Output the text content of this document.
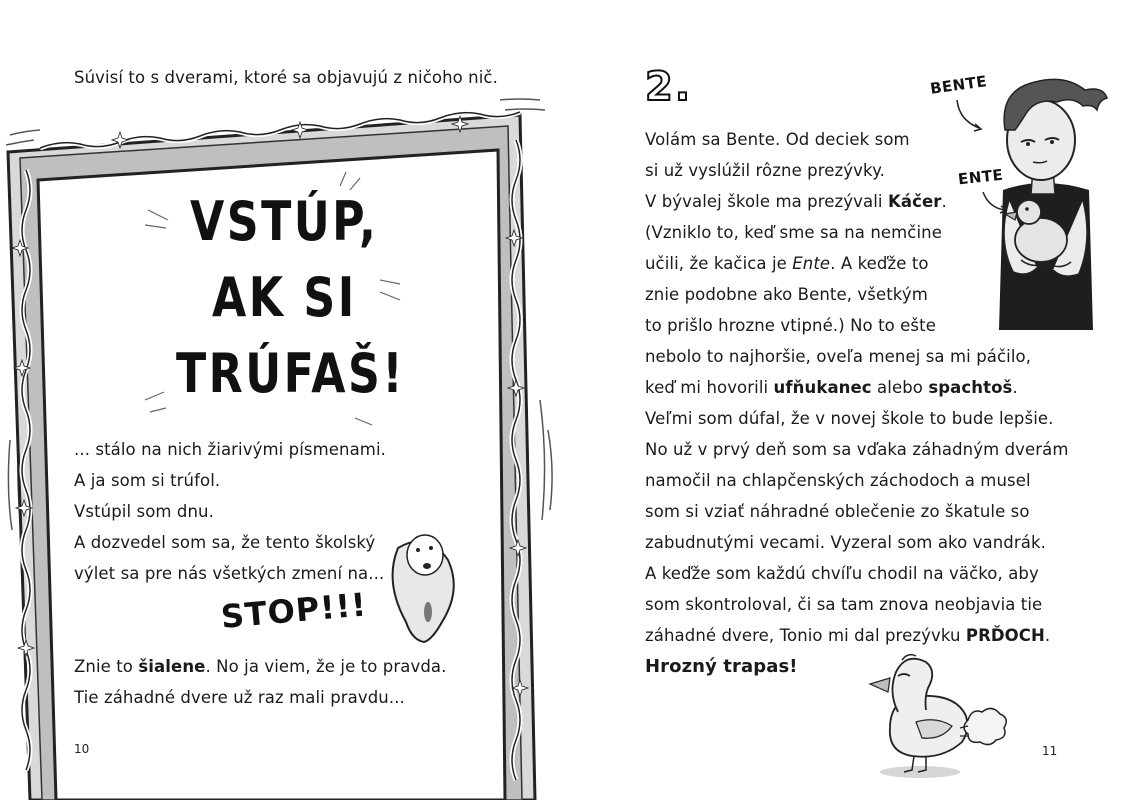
Súvisí to s dverami, ktoré sa objavujú z ničoho nič.
VSTÚP,
AK SI
TRÚFAŠ!
... stálo na nich žiarivými písmenami.
A ja som si trúfol.
Vstúpil som dnu.
A dozvedel som sa, že tento školský
výlet sa pre nás všetkých zmení na...
STOP!!!
Znie to šialene. No ja viem, že je to pravda.
Tie záhadné dvere už raz mali pravdu...
10
2.	BENTE
ENTE
Volám sa Bente. Od deciek som
si už vyslúžil rôzne prezývky.
V bývalej škole ma prezývali Káčer.
(Vzniklo to, keď sme sa na nemčine
učili, že kačica je Ente. A keďže to
znie podobne ako Bente, všetkým
to prišlo hrozne vtipné.) No to ešte
nebolo to najhoršie, oveľa menej sa mi páčilo,
keď mi hovorili ufňukanec alebo spachtoš.
Veľmi som dúfal, že v novej škole to bude lepšie.
No už v prvý deň som sa vďaka záhadným dverám
namočil na chlapčenských záchodoch a musel
som si vziať náhradné oblečenie zo škatule so
zabudnutými vecami. Vyzeral som ako vandrák.
A keďže som každú chvíľu chodil na väčko, aby
som skontroloval, či sa tam znova neobjavia tie
záhadné dvere, Tonio mi dal prezývku PRĎOCH.
Hrozný trapas!
11
